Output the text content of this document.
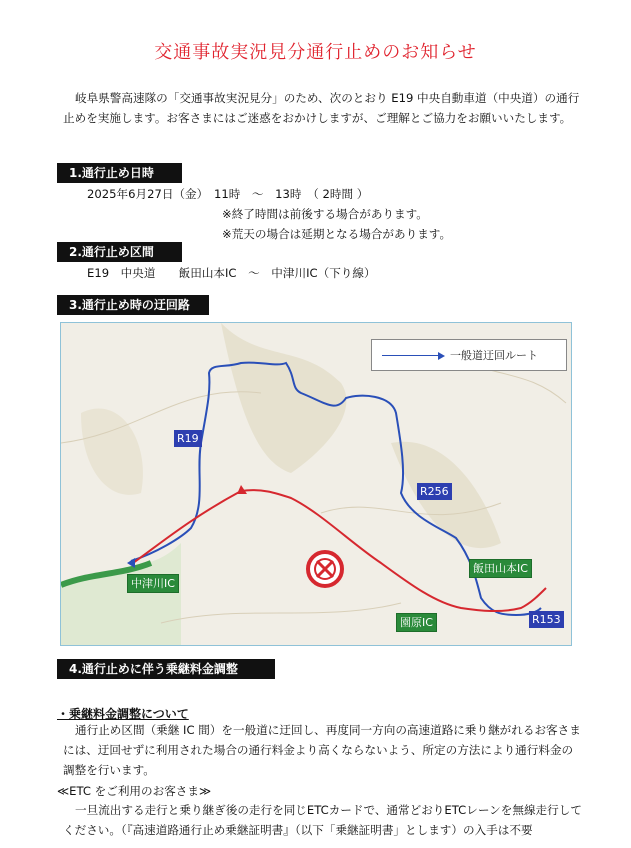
交通事故実況見分通行止めのお知らせ
岐阜県警高速隊の「交通事故実況見分」のため、次のとおり E19 中央自動車道（中央道）の通行止めを実施します。お客さまにはご迷惑をおかけしますが、ご理解とご協力をお願いいたします。
1.通行止め日時
2025年6月27日（金）　11時　～　13時　（ 2時間 ）
※終了時間は前後する場合があります。
※荒天の場合は延期となる場合があります。
2.通行止め区間
E19　中央道　　飯田山本IC　～　中津川IC（下り線）
3.通行止め時の迂回路
一般道迂回ルート
R19
R256
R153
中津川IC
飯田山本IC
園原IC
4.通行止めに伴う乗継料金調整
・乗継料金調整について
通行止め区間（乗継 IC 間）を一般道に迂回し、再度同一方向の高速道路に乗り継がれるお客さまには、迂回せずに利用された場合の通行料金より高くならないよう、所定の方法により通行料金の調整を行います。
≪ETC をご利用のお客さま≫
一旦流出する走行と乗り継ぎ後の走行を同じETCカードで、通常どおりETCレーンを無線走行してください。（『高速道路通行止め乗継証明書』（以下「乗継証明書」とします）の入手は不要
